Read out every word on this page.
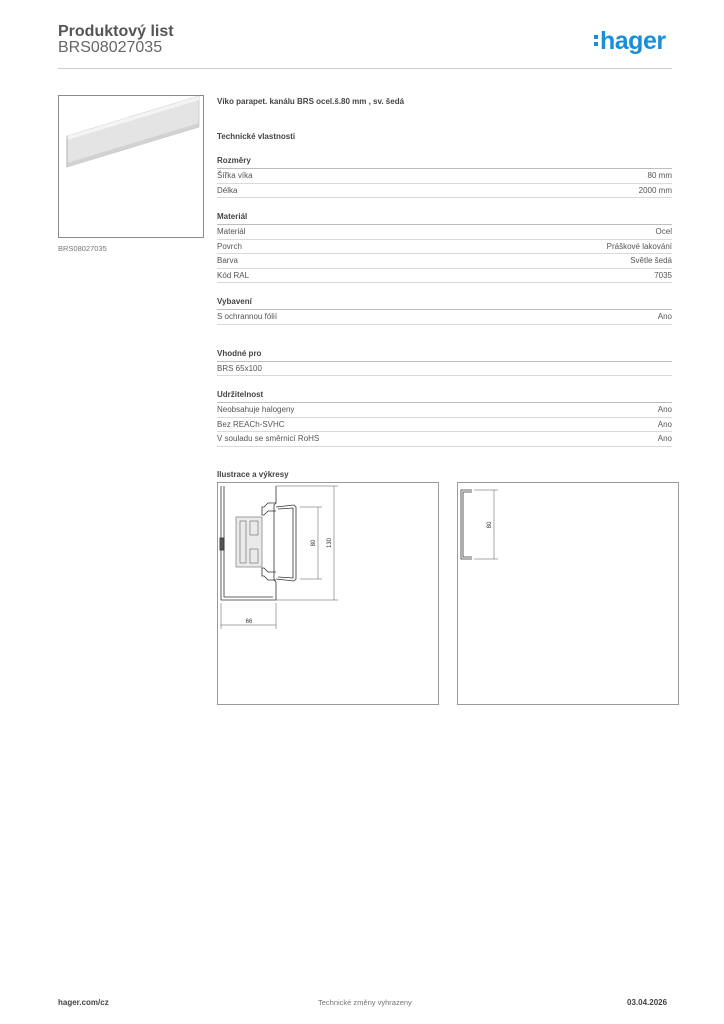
Produktový list
BRS08027035	hager
BRS08027035
Víko parapet. kanálu BRS ocel.š.80 mm , sv. šedá
Technické vlastnosti
Rozměry
Šířka víka	80 mm
Délka	2000 mm
Materiál
Materiál	Ocel
Povrch	Práškové lakování
Barva	Světle šedá
Kód RAL	7035
Vybavení
S ochrannou fólií	Ano
Vhodné pro
BRS 65x100
Udržitelnost
Neobsahuje halogeny	Ano
Bez REACh-SVHC	Ano
V souladu se směrnicí RoHS	Ano
Ilustrace a výkresy
80 130
66
80
hager.com/cz	Technické změny vyhrazeny	03.04.2026
